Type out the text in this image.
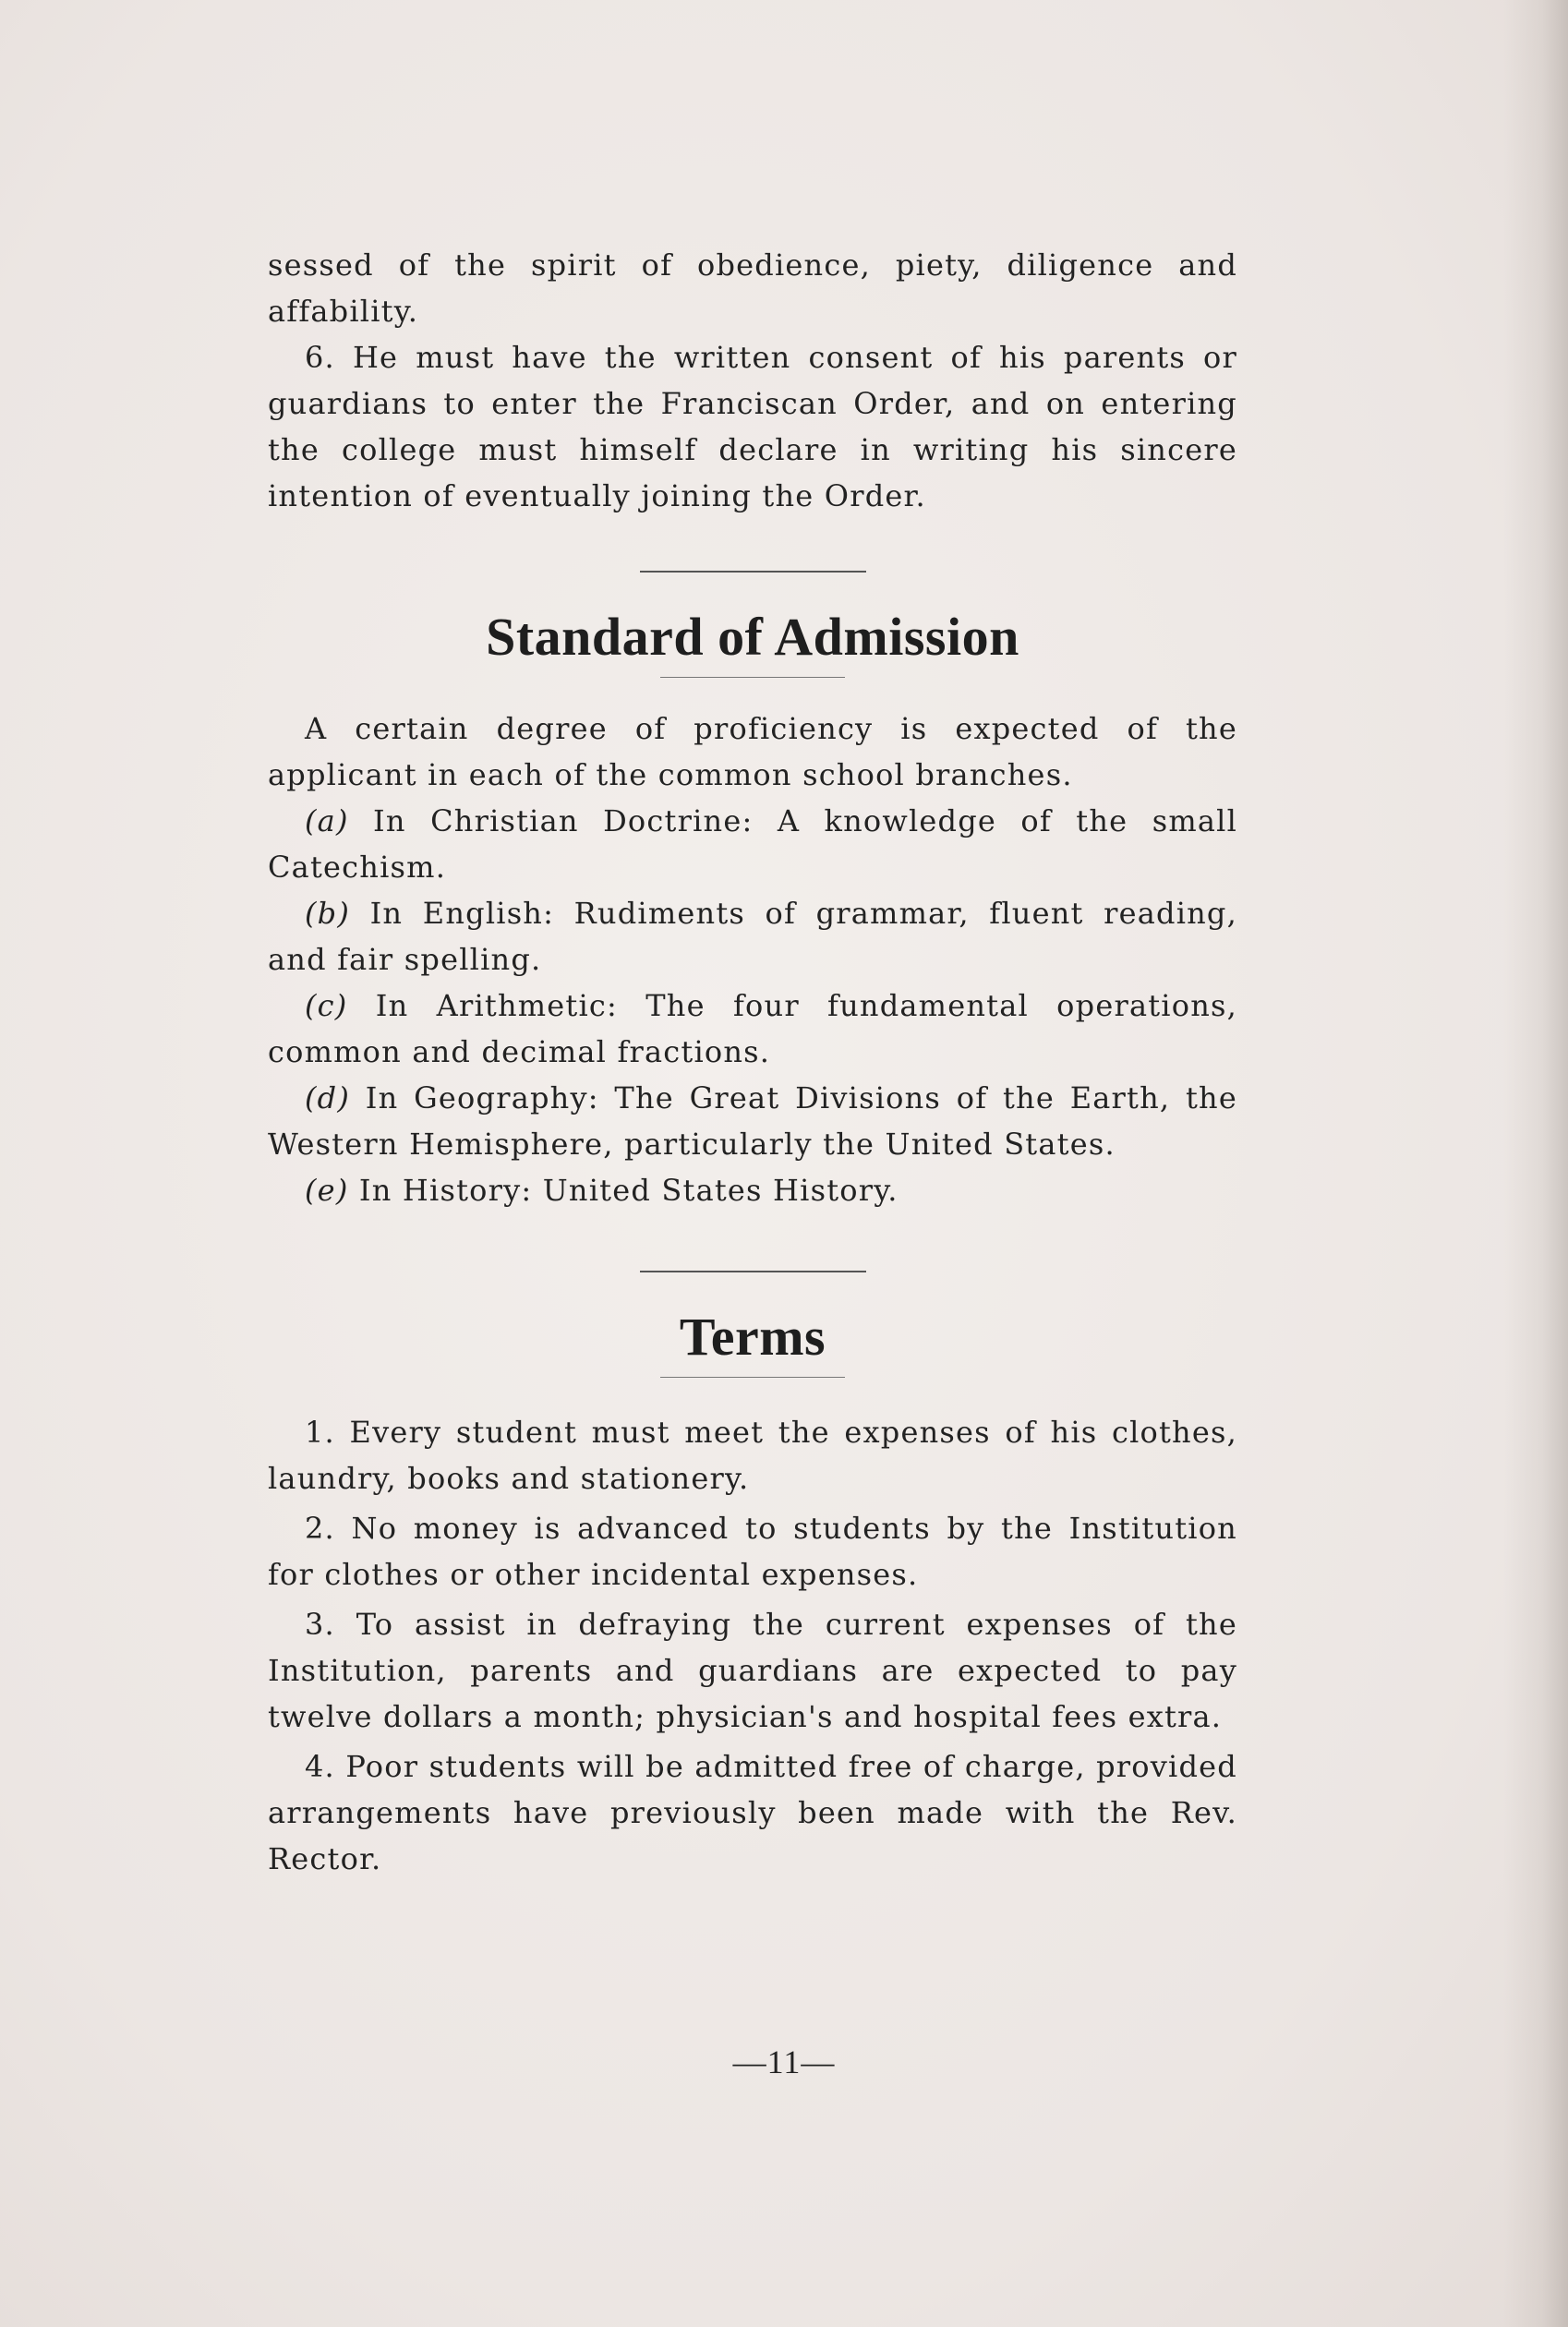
sessed of the spirit of obedience, piety, diligence and affability.

6. He must have the written consent of his parents or guardians to enter the Franciscan Order, and on entering the college must himself declare in writing his sincere intention of eventually joining the Order.

Standard of Admission

A certain degree of proficiency is expected of the applicant in each of the common school branches.

(a) In Christian Doctrine: A knowledge of the small Catechism.

(b) In English: Rudiments of grammar, fluent reading, and fair spelling.

(c) In Arithmetic: The four fundamental operations, common and decimal fractions.

(d) In Geography: The Great Divisions of the Earth, the Western Hemisphere, particularly the United States.

(e) In History: United States History.

Terms

1. Every student must meet the expenses of his clothes, laundry, books and stationery.

2. No money is advanced to students by the Institution for clothes or other incidental expenses.

3. To assist in defraying the current expenses of the Institution, parents and guardians are expected to pay twelve dollars a month; physician's and hospital fees extra.

4. Poor students will be admitted free of charge, provided arrangements have previously been made with the Rev. Rector.

—11—
